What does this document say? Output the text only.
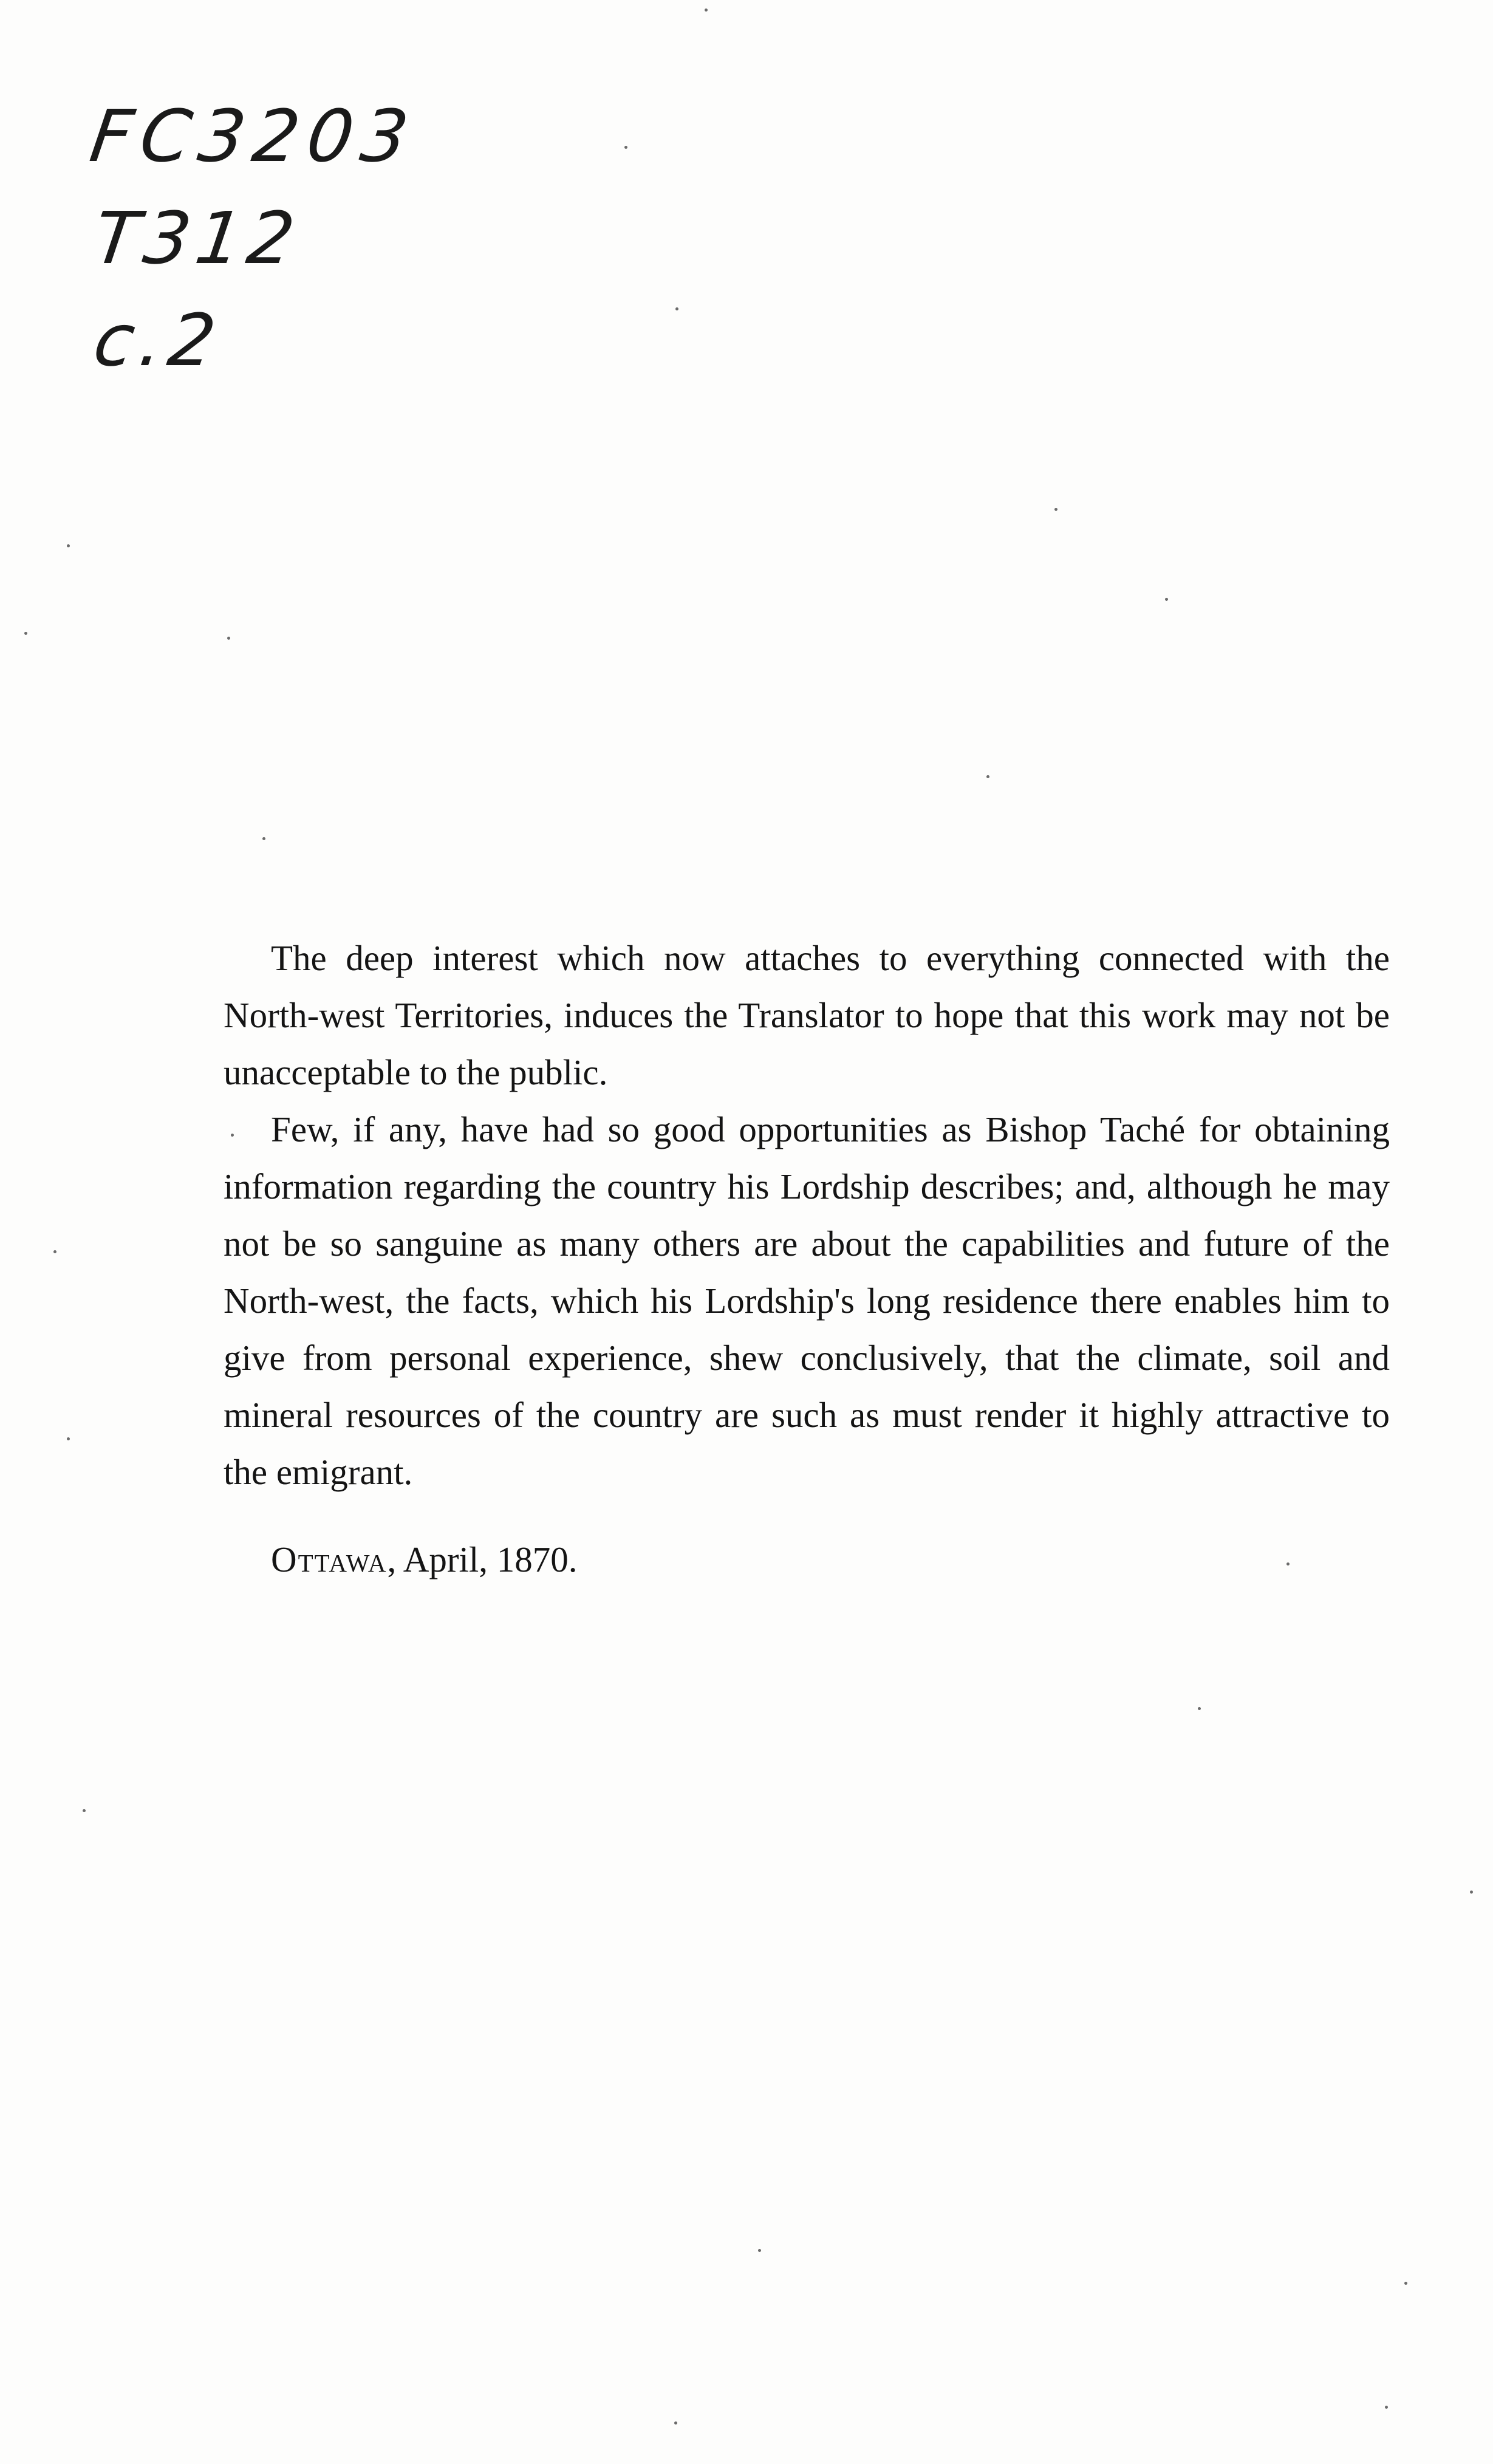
FC3203
T312
c.2

The deep interest which now attaches to everything connected with the North-west Territories, induces the Translator to hope that this work may not be unacceptable to the public.

Few, if any, have had so good opportunities as Bishop Taché for obtaining information regarding the country his Lordship describes; and, although he may not be so sanguine as many others are about the capabilities and future of the North-west, the facts, which his Lordship's long residence there enables him to give from personal experience, shew conclusively, that the climate, soil and mineral resources of the country are such as must render it highly attractive to the emigrant.

Ottawa, April, 1870.
